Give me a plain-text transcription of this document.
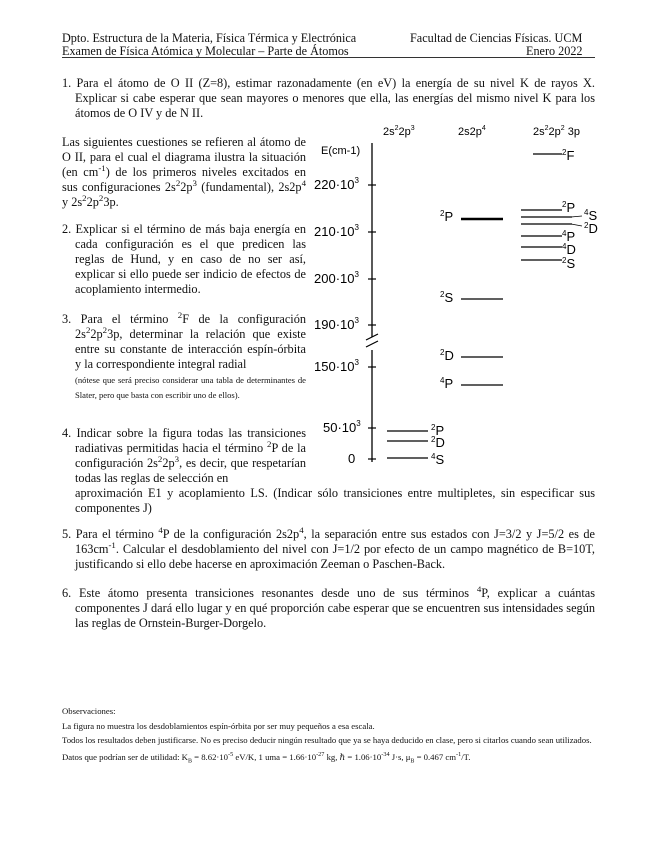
Dpto. Estructura de la Materia, Física Térmica y Electrónica	Facultad de Ciencias Físicas. UCM
Examen de Física Atómica y Molecular – Parte de Átomos	Enero 2022
1. Para el átomo de O II (Z=8), estimar razonadamente (en eV) la energía de su nivel K de rayos X. Explicar si cabe esperar que sean mayores o menores que ella, las energías del mismo nivel K para los átomos de O IV y de N II.
Las siguientes cuestiones se refieren al átomo de O II, para el cual el diagrama ilustra la situación (en $cm^{-1}$) de los primeros niveles excitados en sus configuraciones $2s^22p^3$ (fundamental), $2s2p^4$ y $2s^22p^23p$.
2. Explicar si el término de más baja energía en cada configuración es el que predicen las reglas de Hund, y en caso de no ser así, explicar si ello puede ser indicio de efectos de acoplamiento intermedio.
3. Para el término $^2$F de la configuración $2s^22p^23p$, determinar la relación que existe entre su constante de interacción espín-órbita y la correspondiente integral radial
(nótese que será preciso considerar una tabla de determinantes de Slater, pero que basta con escribir uno de ellos).
4. Indicar sobre la figura todas las transiciones radiativas permitidas hacia el término $^2$P de la configuración $2s^22p^3$, es decir, que respetarían todas las reglas de selección en
aproximación E1 y acoplamiento LS. (Indicar sólo transiciones entre multipletes, sin especificar sus componentes J)
5. Para el término $^4$P de la configuración $2s2p^4$, la separación entre sus estados con J=3/2 y J=5/2 es de $163cm^{-1}$. Calcular el desdoblamiento del nivel con J=1/2 por efecto de un campo magnético de B=10T, justificando si ello debe hacerse en aproximación Zeeman o Paschen-Back.
6. Este átomo presenta transiciones resonantes desde uno de sus términos $^4$P, explicar a cuántas componentes J dará ello lugar y en qué proporción cabe esperar que se encuentren sus intensidades según las reglas de Ornstein-Burger-Dorgelo.
Observaciones:
La figura no muestra los desdoblamientos espín-órbita por ser muy pequeños a esa escala.
Todos los resultados deben justificarse. No es preciso deducir ningún resultado que ya se haya deducido en clase, pero si citarlos cuando sean utilizados.
Datos que podrían ser de utilidad: $K_B = 8.62\cdot 10^{-5}$ eV/K, 1 uma = $1.66\cdot 10^{-27}$ kg, ℏ = $1.06\cdot 10^{-34}$ J·s, $\mu_B = 0.467$ $cm^{-1}/T$.
$2s^22p^3$	$2s2p^4$	$2s^22p^2$ 3p
E(cm-1)
$220\cdot 10^3$
$210\cdot 10^3$
$200\cdot 10^3$
$190\cdot 10^3$
$150\cdot 10^3$
$50\cdot 10^3$
0
$^2$P
$^2$D
$^4$S
$^2$P
$^2$S
$^2$D
$^4$P
$^2$F
$^2$P $^4$S
$^2$D
$^4$P
$^4$D
$^2$S
